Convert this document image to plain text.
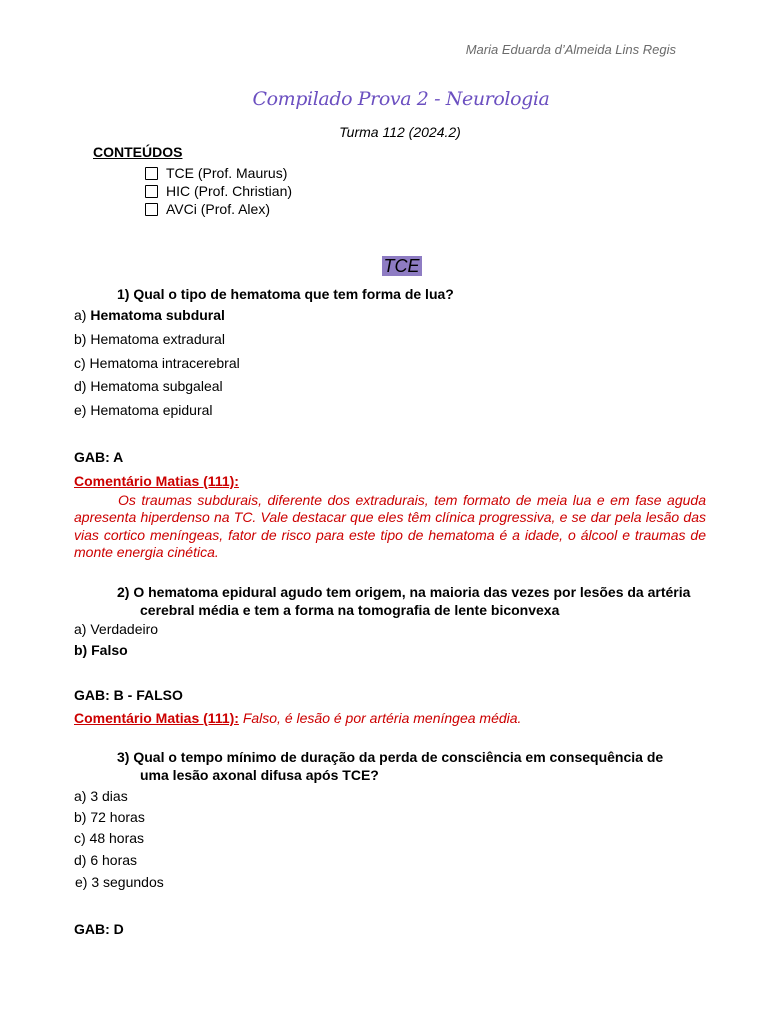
Maria Eduarda d’Almeida Lins Regis
Compilado Prova 2 - Neurologia
Turma 112 (2024.2)
CONTEÚDOS
TCE (Prof. Maurus)
HIC (Prof. Christian)
AVCi (Prof. Alex)
TCE
1) Qual o tipo de hematoma que tem forma de lua?
a) Hematoma subdural
b) Hematoma extradural
c) Hematoma intracerebral
d) Hematoma subgaleal
e) Hematoma epidural
GAB: A
Comentário Matias (111):
Os traumas subdurais, diferente dos extradurais, tem formato de meia lua e em fase aguda apresenta hiperdenso na TC. Vale destacar que eles têm clínica progressiva, e se dar pela lesão das vias cortico meníngeas, fator de risco para este tipo de hematoma é a idade, o álcool e traumas de monte energia cinética.
2) O hematoma epidural agudo tem origem, na maioria das vezes por lesões da artéria
cerebral média e tem a forma na tomografia de lente biconvexa
a) Verdadeiro
b) Falso
GAB: B - FALSO
Comentário Matias (111): Falso, é lesão é por artéria meníngea média.
3) Qual o tempo mínimo de duração da perda de consciência em consequência de
uma lesão axonal difusa após TCE?
a) 3 dias
b) 72 horas
c) 48 horas
d) 6 horas
e) 3 segundos
GAB: D
